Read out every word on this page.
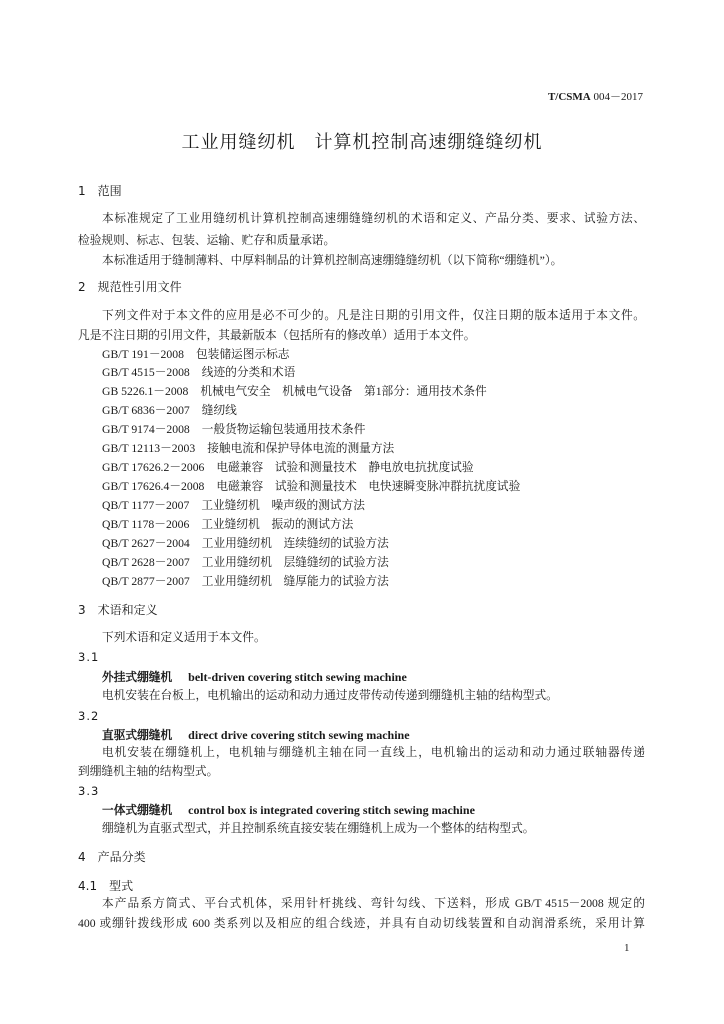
T/CSMA 004－2017
工业用缝纫机　计算机控制高速绷缝缝纫机
1 范围
本标准规定了工业用缝纫机计算机控制高速绷缝缝纫机的术语和定义、产品分类、要求、试验方法、
检验规则、标志、包装、运输、贮存和质量承诺。
本标准适用于缝制薄料、中厚料制品的计算机控制高速绷缝缝纫机（以下简称“绷缝机”）。
2 规范性引用文件
下列文件对于本文件的应用是必不可少的。凡是注日期的引用文件，仅注日期的版本适用于本文件。
凡是不注日期的引用文件，其最新版本（包括所有的修改单）适用于本文件。
GB/T 191－2008 包装储运图示标志
GB/T 4515－2008 线迹的分类和术语
GB 5226.1－2008 机械电气安全　机械电气设备　第1部分：通用技术条件
GB/T 6836－2007 缝纫线
GB/T 9174－2008 一般货物运输包装通用技术条件
GB/T 12113－2003 接触电流和保护导体电流的测量方法
GB/T 17626.2－2006 电磁兼容　试验和测量技术　静电放电抗扰度试验
GB/T 17626.4－2008 电磁兼容　试验和测量技术　电快速瞬变脉冲群抗扰度试验
QB/T 1177－2007 工业缝纫机　噪声级的测试方法
QB/T 1178－2006 工业缝纫机　振动的测试方法
QB/T 2627－2004 工业用缝纫机　连续缝纫的试验方法
QB/T 2628－2007 工业用缝纫机　层缝缝纫的试验方法
QB/T 2877－2007 工业用缝纫机　缝厚能力的试验方法
3 术语和定义
下列术语和定义适用于本文件。
3.1
外挂式绷缝机 belt-driven covering stitch sewing machine
电机安装在台板上，电机输出的运动和动力通过皮带传动传递到绷缝机主轴的结构型式。
3.2
直驱式绷缝机 direct drive covering stitch sewing machine
电机安装在绷缝机上，电机轴与绷缝机主轴在同一直线上，电机输出的运动和动力通过联轴器传递
到绷缝机主轴的结构型式。
3.3
一体式绷缝机 control box is integrated covering stitch sewing machine
绷缝机为直驱式型式，并且控制系统直接安装在绷缝机上成为一个整体的结构型式。
4 产品分类
4.1 型式
本产品系方筒式、平台式机体，采用针杆挑线、弯针勾线、下送料，形成 GB/T 4515－2008 规定的
400 或绷针拨线形成 600 类系列以及相应的组合线迹，并具有自动切线装置和自动润滑系统，采用计算
1
